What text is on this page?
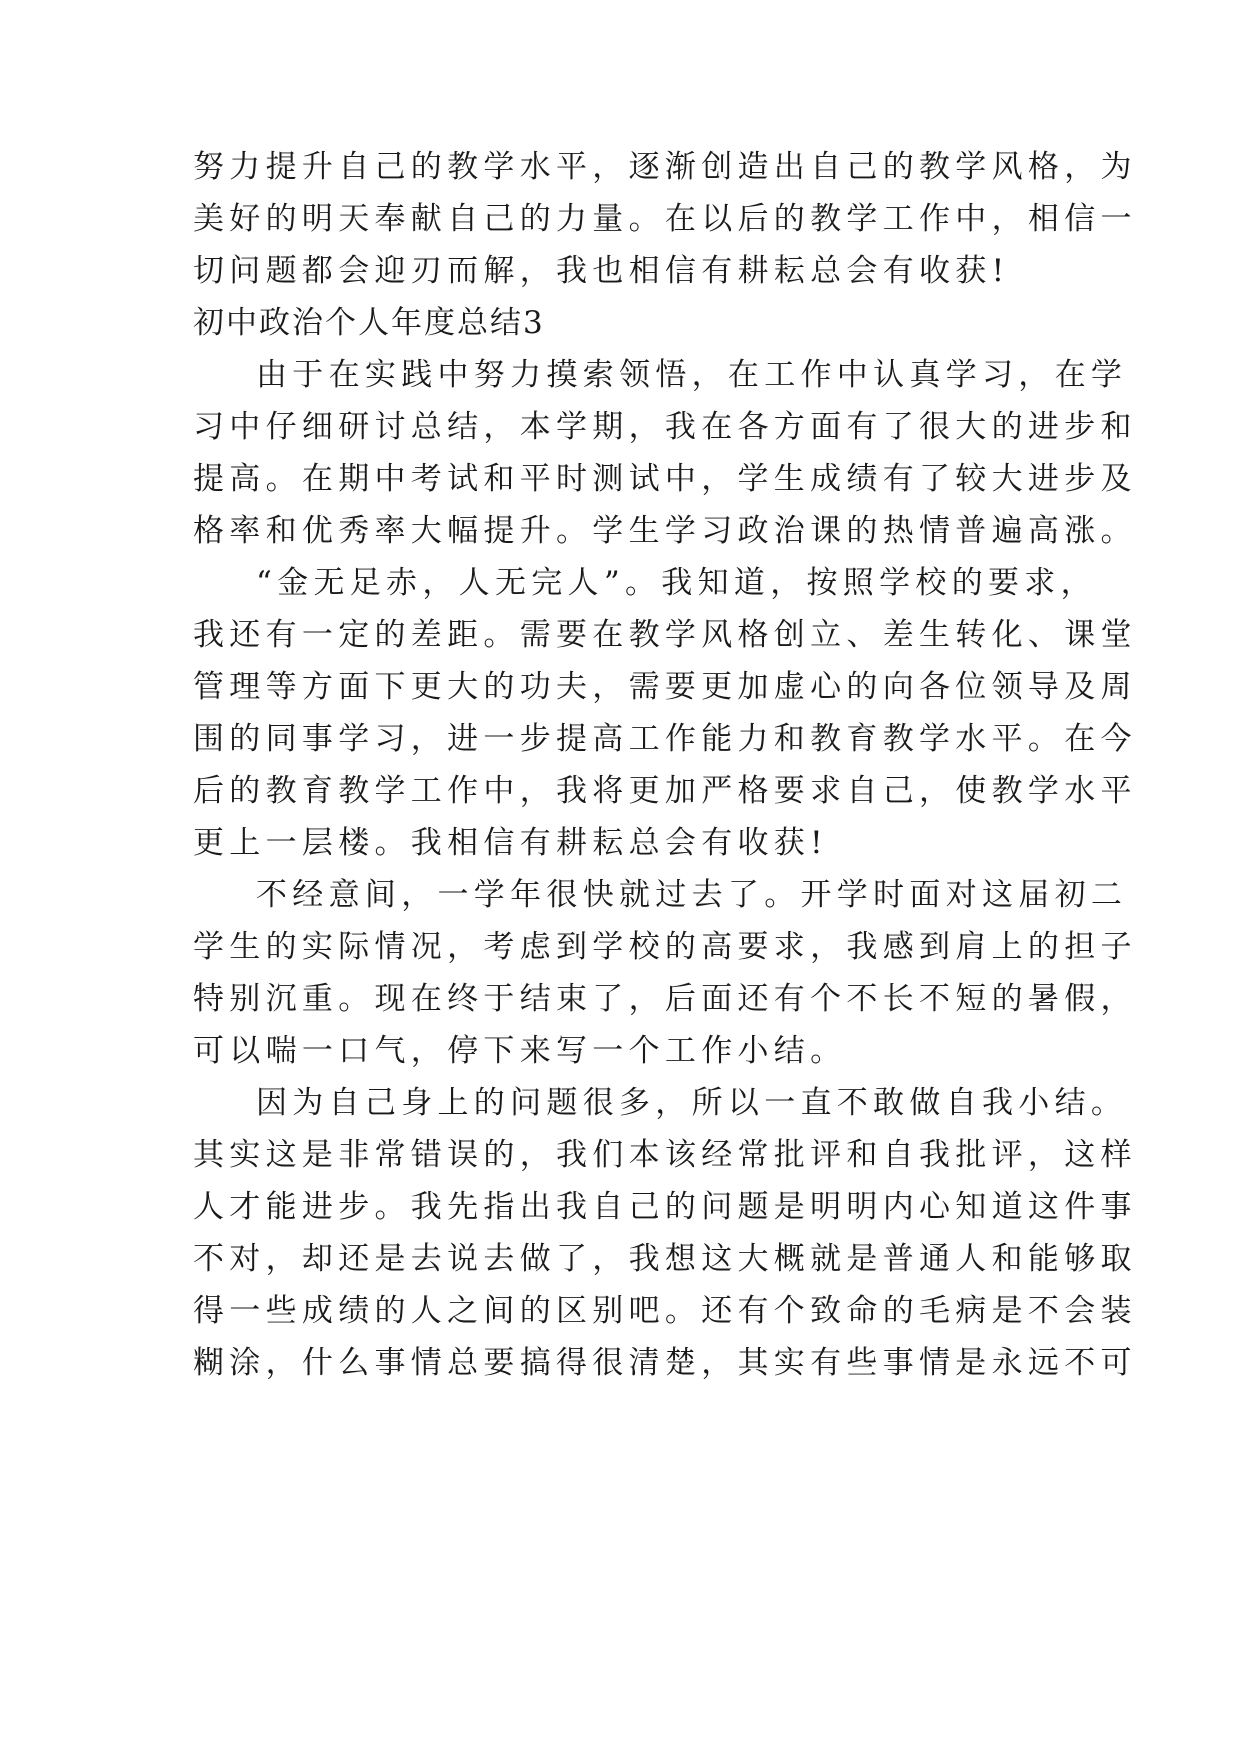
努力提升自己的教学水平，逐渐创造出自己的教学风格，为
美好的明天奉献自己的力量。在以后的教学工作中，相信一
切问题都会迎刃而解，我也相信有耕耘总会有收获!
初中政治个人年度总结3
由于在实践中努力摸索领悟，在工作中认真学习，在学
习中仔细研讨总结，本学期，我在各方面有了很大的进步和
提高。在期中考试和平时测试中，学生成绩有了较大进步及
格率和优秀率大幅提升。学生学习政治课的热情普遍高涨。
“金无足赤，人无完人”。我知道，按照学校的要求，
我还有一定的差距。需要在教学风格创立、差生转化、课堂
管理等方面下更大的功夫，需要更加虚心的向各位领导及周
围的同事学习，进一步提高工作能力和教育教学水平。在今
后的教育教学工作中，我将更加严格要求自己，使教学水平
更上一层楼。我相信有耕耘总会有收获!
不经意间，一学年很快就过去了。开学时面对这届初二
学生的实际情况，考虑到学校的高要求，我感到肩上的担子
特别沉重。现在终于结束了，后面还有个不长不短的暑假，
可以喘一口气，停下来写一个工作小结。
因为自己身上的问题很多，所以一直不敢做自我小结。
其实这是非常错误的，我们本该经常批评和自我批评，这样
人才能进步。我先指出我自己的问题是明明内心知道这件事
不对，却还是去说去做了，我想这大概就是普通人和能够取
得一些成绩的人之间的区别吧。还有个致命的毛病是不会装
糊涂，什么事情总要搞得很清楚，其实有些事情是永远不可
